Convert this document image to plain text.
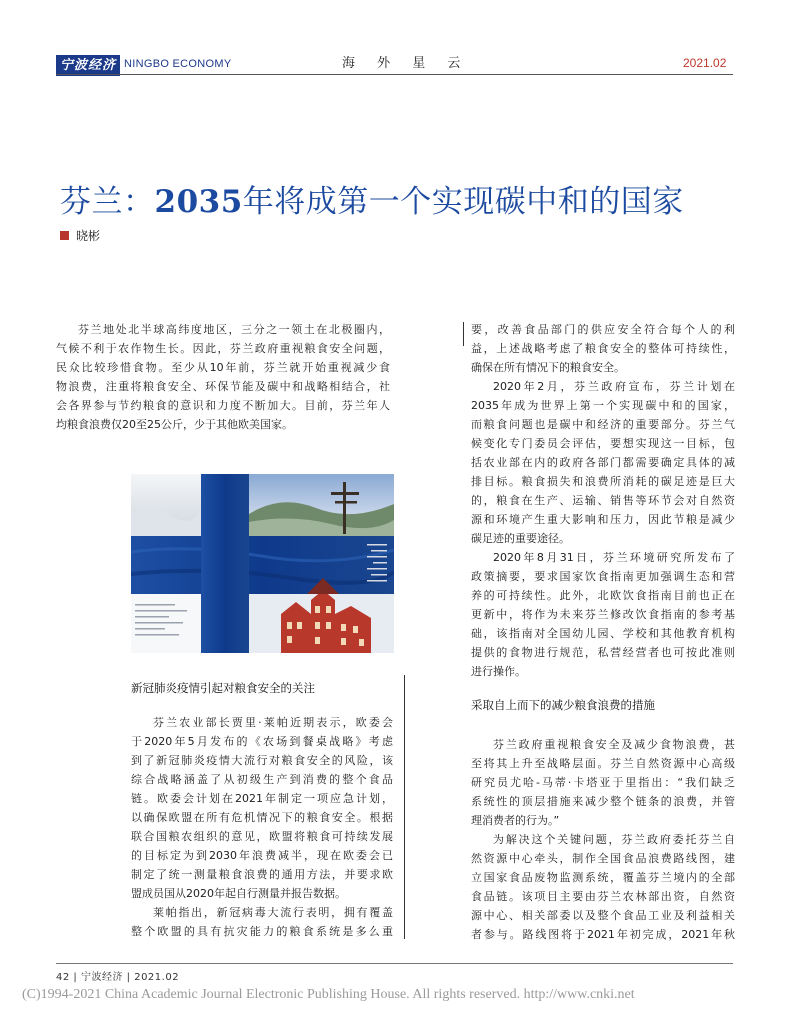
宁波经济 NINGBO ECONOMY	海 外 星 云	2021.02
芬兰：2035年将成第一个实现碳中和的国家
晓彬
芬兰地处北半球高纬度地区，三分之一领土在北极圈内，
气候不利于农作物生长。因此，芬兰政府重视粮食安全问题，
民众比较珍惜食物。至少从10年前，芬兰就开始重视减少食
物浪费，注重将粮食安全、环保节能及碳中和战略相结合，社
会各界参与节约粮食的意识和力度不断加大。目前，芬兰年人
均粮食浪费仅20至25公斤，少于其他欧美国家。
新冠肺炎疫情引起对粮食安全的关注
芬兰农业部长贾里·莱帕近期表示，欧委会
于2020年5月发布的《农场到餐桌战略》考虑
到了新冠肺炎疫情大流行对粮食安全的风险，该
综合战略涵盖了从初级生产到消费的整个食品
链。欧委会计划在2021年制定一项应急计划，
以确保欧盟在所有危机情况下的粮食安全。根据
联合国粮农组织的意见，欧盟将粮食可持续发展
的目标定为到2030年浪费减半，现在欧委会已
制定了统一测量粮食浪费的通用方法，并要求欧
盟成员国从2020年起自行测量并报告数据。
莱帕指出，新冠病毒大流行表明，拥有覆盖
整个欧盟的具有抗灾能力的粮食系统是多么重
要，改善食品部门的供应安全符合每个人的利
益，上述战略考虑了粮食安全的整体可持续性，
确保在所有情况下的粮食安全。
2020年2月，芬兰政府宣布，芬兰计划在
2035年成为世界上第一个实现碳中和的国家，
而粮食问题也是碳中和经济的重要部分。芬兰气
候变化专门委员会评估，要想实现这一目标，包
括农业部在内的政府各部门都需要确定具体的减
排目标。粮食损失和浪费所消耗的碳足迹是巨大
的，粮食在生产、运输、销售等环节会对自然资
源和环境产生重大影响和压力，因此节粮是减少
碳足迹的重要途径。
2020年8月31日，芬兰环境研究所发布了
政策摘要，要求国家饮食指南更加强调生态和营
养的可持续性。此外，北欧饮食指南目前也正在
更新中，将作为未来芬兰修改饮食指南的参考基
础，该指南对全国幼儿园、学校和其他教育机构
提供的食物进行规范，私营经营者也可按此准则
进行操作。
采取自上而下的减少粮食浪费的措施
芬兰政府重视粮食安全及减少食物浪费，甚
至将其上升至战略层面。芬兰自然资源中心高级
研究员尤哈-马蒂·卡塔亚于里指出：“我们缺乏
系统性的顶层措施来减少整个链条的浪费，并管
理消费者的行为。”
为解决这个关键问题，芬兰政府委托芬兰自
然资源中心牵头，制作全国食品浪费路线图，建
立国家食品废物监测系统，覆盖芬兰境内的全部
食品链。该项目主要由芬兰农林部出资，自然资
源中心、相关部委以及整个食品工业及利益相关
者参与。路线图将于2021年初完成，2021年秋
42 | 宁波经济 | 2021.02
(C)1994-2021 China Academic Journal Electronic Publishing House. All rights reserved. http://www.cnki.net
